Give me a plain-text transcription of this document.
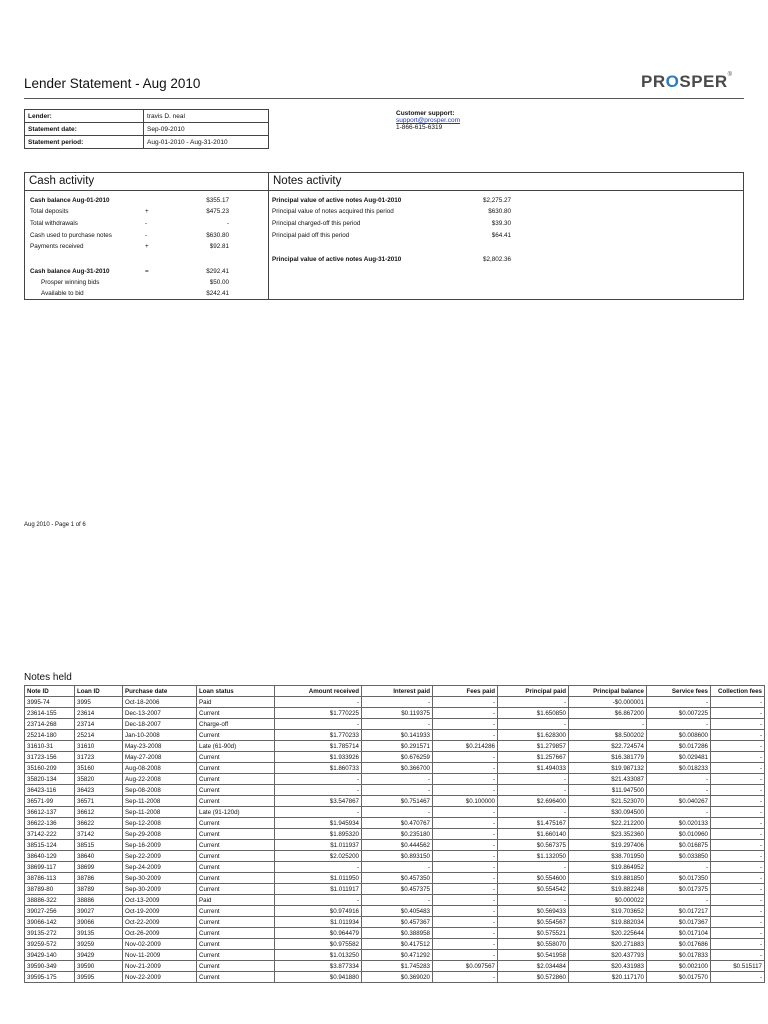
Lender Statement - Aug 2010	PROSPER®
Lender:	travis D. neal
Statement date:	Sep-09-2010
Statement period:	Aug-01-2010 - Aug-31-2010
Customer support:
support@prosper.com
1-866-615-6319
Cash activity	Notes activity
Cash balance Aug-01-2010	$355.17
Total deposits	+	$475.23
Total withdrawals	-	-
Cash used to purchase notes	-	$630.80
Payments received	+	$92.81
Cash balance Aug-31-2010	=	$292.41
Prosper winning bids	$50.00
Available to bid	$242.41
Principal value of active notes Aug-01-2010	$2,275.27
Principal value of notes acquired this period	$630.80
Principal charged-off this period	$39.30
Principal paid off this period	$64.41
Principal value of active notes Aug-31-2010	$2,802.36
Aug 2010 - Page 1 of 6
Notes held
Note ID	Loan ID	Purchase date	Loan status	Amount received	Interest paid	Fees paid	Principal paid	Principal balance	Service fees	Collection fees
3995-74	3995	Oct-18-2006	Paid	-	-	-	-	-$0.000001	-	-
23614-155	23614	Dec-13-2007	Current	$1.770225	$0.119375	-	$1.650850	$6.867200	$0.007225	-
23714-268	23714	Dec-18-2007	Charge-off	-	-	-	-	-	-	-
25214-180	25214	Jan-10-2008	Current	$1.770233	$0.141933	-	$1.628300	$8.500202	$0.008600	-
31610-31	31610	May-23-2008	Late (61-90d)	$1.785714	$0.291571	$0.214286	$1.279857	$22.724574	$0.017286	-
31723-156	31723	May-27-2008	Current	$1.933926	$0.676259	-	$1.257667	$16.381779	$0.029481	-
35160-209	35160	Aug-08-2008	Current	$1.860733	$0.366700	-	$1.494033	$19.987132	$0.018233	-
35820-134	35820	Aug-22-2008	Current	-	-	-	-	$21.433087	-	-
36423-116	36423	Sep-08-2008	Current	-	-	-	-	$11.947500	-	-
36571-99	36571	Sep-11-2008	Current	$3.547867	$0.751467	$0.100000	$2.696400	$21.523070	$0.040267	-
36612-137	36612	Sep-11-2008	Late (91-120d)	-	-	-	-	$30.094500	-	-
36622-136	36622	Sep-12-2008	Current	$1.945934	$0.470767	-	$1.475167	$22.212200	$0.020133	-
37142-222	37142	Sep-29-2008	Current	$1.895320	$0.235180	-	$1.660140	$23.352360	$0.010960	-
38515-124	38515	Sep-16-2009	Current	$1.011937	$0.444562	-	$0.567375	$19.297406	$0.016875	-
38640-129	38640	Sep-22-2009	Current	$2.025200	$0.893150	-	$1.132050	$38.701950	$0.033850	-
38699-117	38699	Sep-24-2009	Current	-	-	-	-	$19.864952	-	-
38786-113	38786	Sep-30-2009	Current	$1.011950	$0.457350	-	$0.554600	$19.881850	$0.017350	-
38789-80	38789	Sep-30-2009	Current	$1.011917	$0.457375	-	$0.554542	$19.882248	$0.017375	-
38886-322	38886	Oct-13-2009	Paid	-	-	-	-	$0.000022	-	-
39027-256	39027	Oct-19-2009	Current	$0.974916	$0.405483	-	$0.569433	$19.703652	$0.017217	-
39066-142	39066	Oct-22-2009	Current	$1.011934	$0.457367	-	$0.554567	$19.882034	$0.017367	-
39135-272	39135	Oct-26-2009	Current	$0.964479	$0.388958	-	$0.575521	$20.225644	$0.017104	-
39259-572	39259	Nov-02-2009	Current	$0.975582	$0.417512	-	$0.558070	$20.271883	$0.017686	-
39429-140	39429	Nov-11-2009	Current	$1.013250	$0.471292	-	$0.541958	$20.437793	$0.017833	-
39590-349	39590	Nov-21-2009	Current	$3.877334	$1.745283	$0.097567	$2.034484	$20.431983	$0.002100	$0.515117
39595-175	39595	Nov-22-2009	Current	$0.941880	$0.369020	-	$0.572860	$20.117170	$0.017570	-
